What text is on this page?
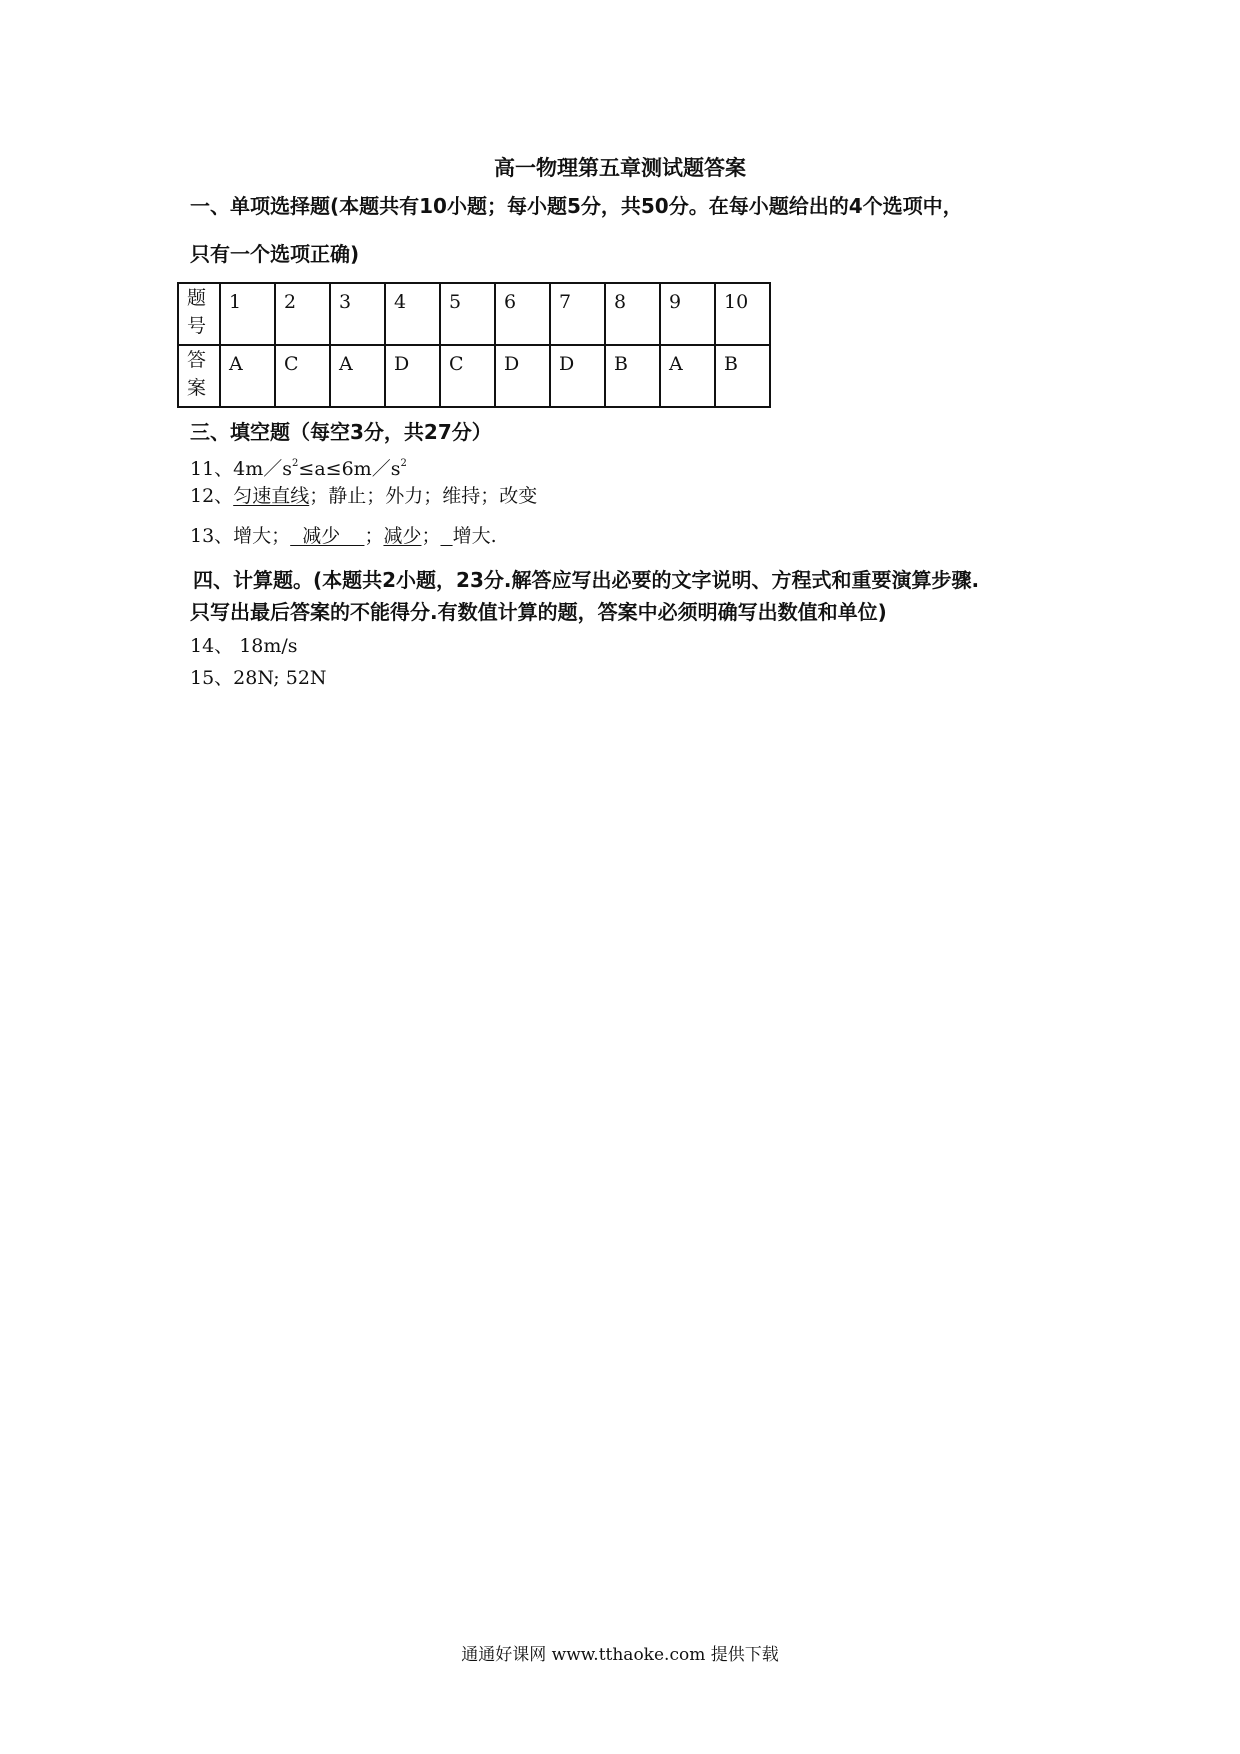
高一物理第五章测试题答案
一、单项选择题(本题共有10小题；每小题5分，共50分。在每小题给出的4个选项中，
只有一个选项正确)
题
号	1	2	3	4	5	6	7	8	9	10
答
案	A	C	A	D	C	D	D	B	A	B
三、填空题（每空3分，共27分）
11、$4m/s^2\le a\le 6m/s^2$
12、匀速直线；静止；外力；维持；改变
13、增大；  减少    ；减少； 增大.
四、计算题。(本题共2小题，23分.解答应写出必要的文字说明、方程式和重要演算步骤.
只写出最后答案的不能得分.有数值计算的题，答案中必须明确写出数值和单位)
14、 18m/s
15、28N; 52N
通通好课网 www.tthaoke.com 提供下载
